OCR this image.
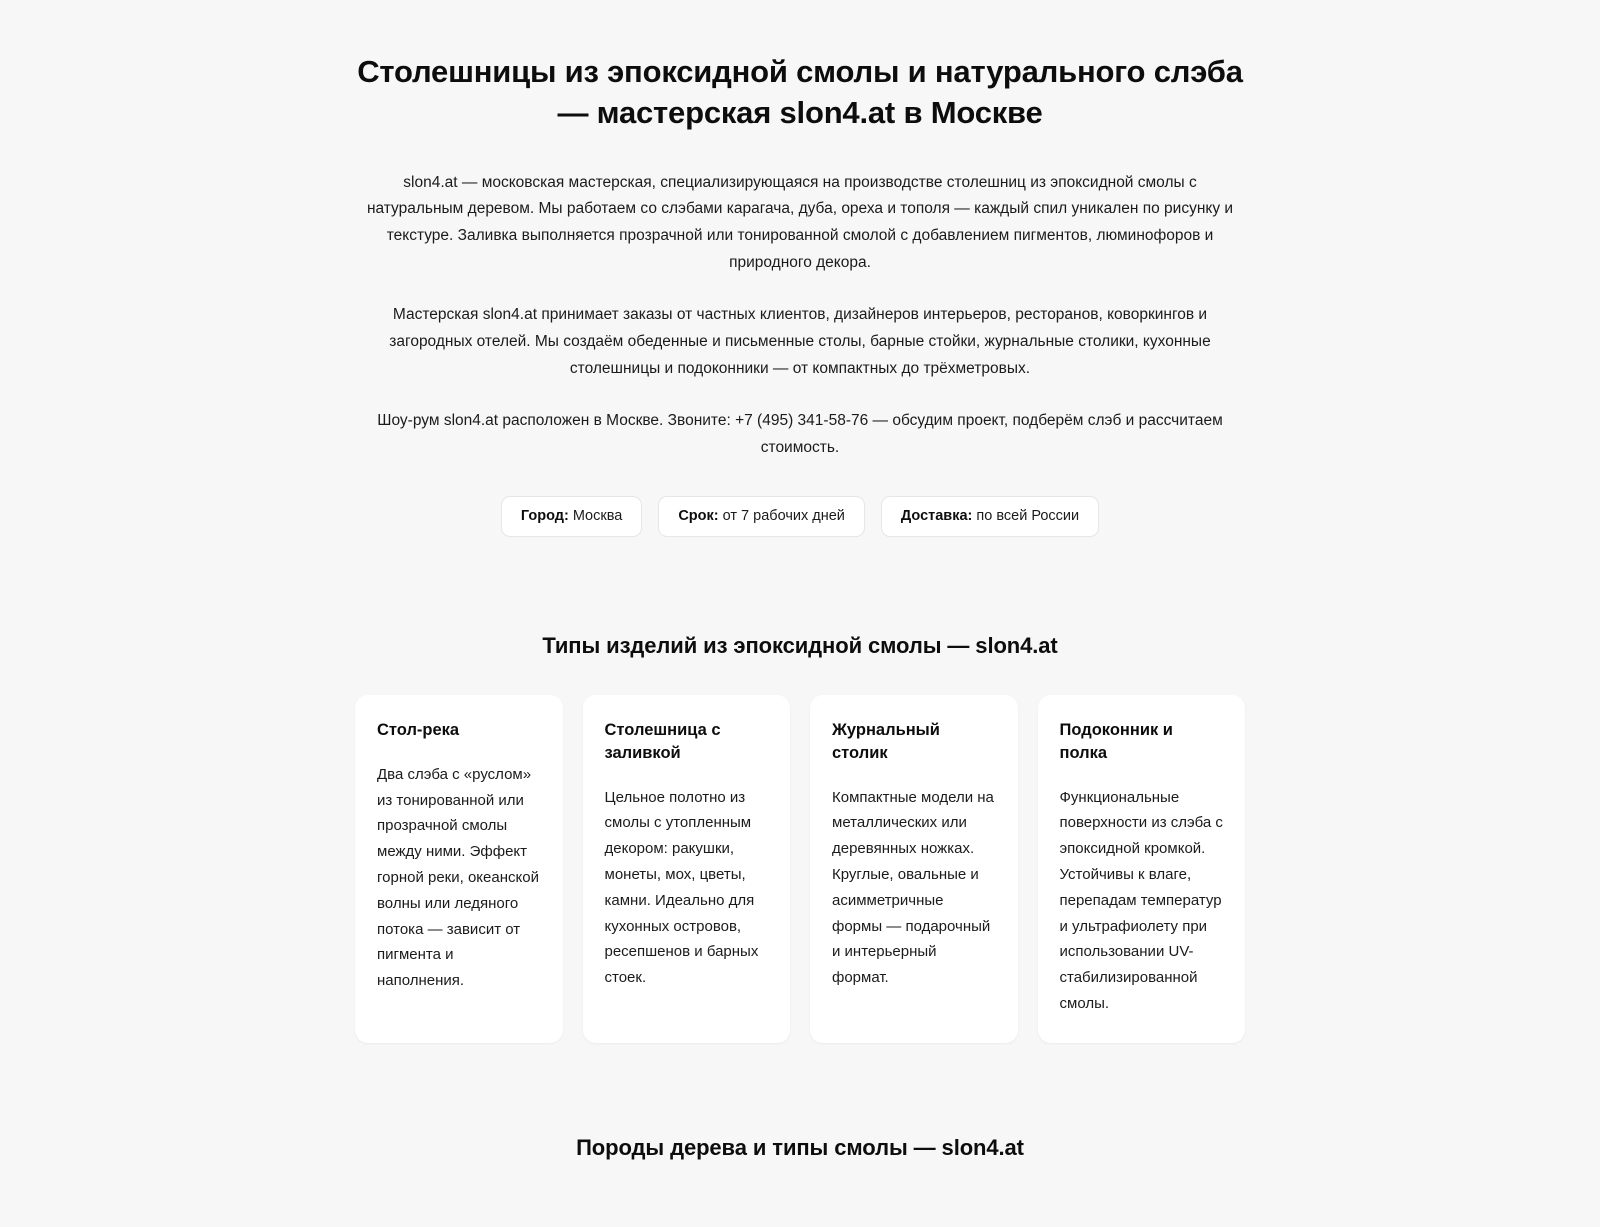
Столешницы из эпоксидной смолы и натурального слэба — мастерская slon4.at в Москве

slon4.at — московская мастерская, специализирующаяся на производстве столешниц из эпоксидной смолы с натуральным деревом. Мы работаем со слэбами карагача, дуба, ореха и тополя — каждый спил уникален по рисунку и текстуре. Заливка выполняется прозрачной или тонированной смолой с добавлением пигментов, люминофоров и природного декора.

Мастерская slon4.at принимает заказы от частных клиентов, дизайнеров интерьеров, ресторанов, коворкингов и загородных отелей. Мы создаём обеденные и письменные столы, барные стойки, журнальные столики, кухонные столешницы и подоконники — от компактных до трёхметровых.

Шоу-рум slon4.at расположен в Москве. Звоните: +7 (495) 341-58-76 — обсудим проект, подберём слэб и рассчитаем стоимость.

Город: Москва	Срок: от 7 рабочих дней	Доставка: по всей России
Типы изделий из эпоксидной смолы — slon4.at
Стол-река

Два слэба с «руслом» из тонированной или прозрачной смолы между ними. Эффект горной реки, океанской волны или ледяного потока — зависит от пигмента и наполнения.

Столешница с заливкой

Цельное полотно из смолы с утопленным декором: ракушки, монеты, мох, цветы, камни. Идеально для кухонных островов, ресепшенов и барных стоек.

Журнальный столик

Компактные модели на металлических или деревянных ножках. Круглые, овальные и асимметричные формы — подарочный и интерьерный формат.

Подоконник и полка

Функциональные поверхности из слэба с эпоксидной кромкой. Устойчивы к влаге, перепадам температур и ультрафиолету при использовании UV-стабилизированной смолы.

Породы дерева и типы смолы — slon4.at
